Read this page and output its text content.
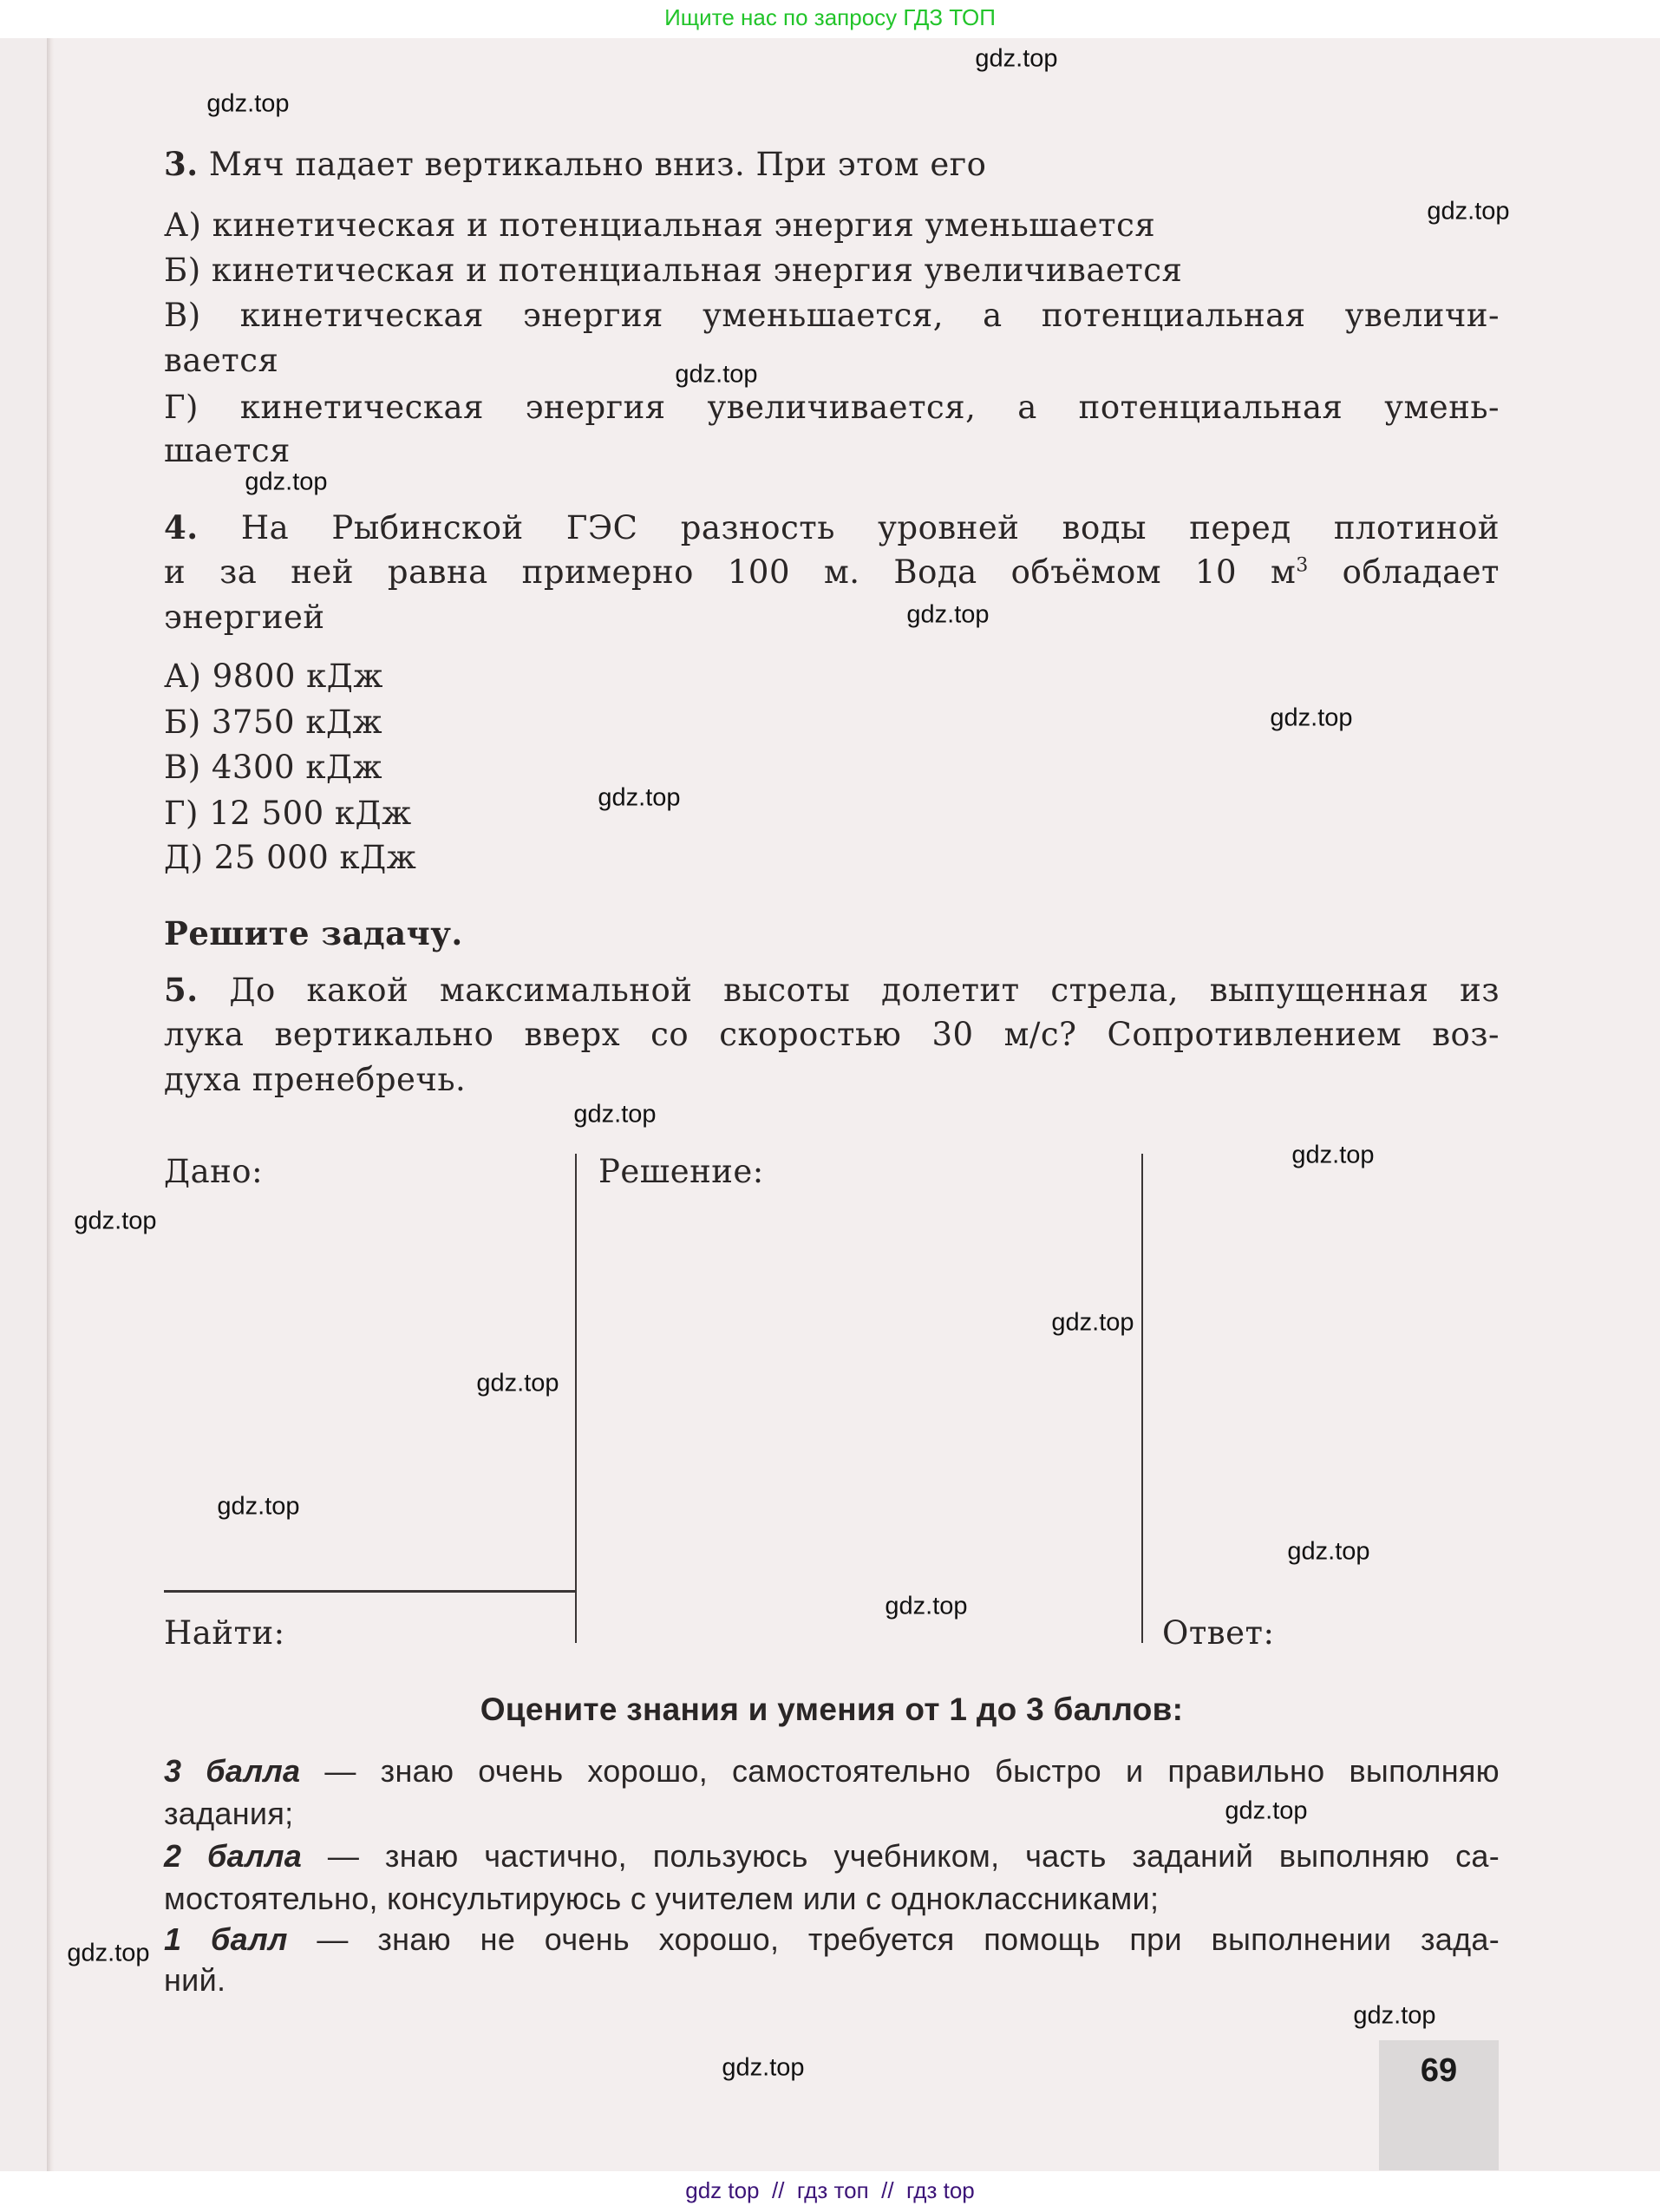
Ищите нас по запросу ГДЗ ТОП
3. Мяч падает вертикально вниз. При этом его
А) кинетическая и потенциальная энергия уменьшается
Б) кинетическая и потенциальная энергия увеличивается
В) кинетическая энергия уменьшается, а потенциальная увеличи-
вается
Г) кинетическая энергия увеличивается, а потенциальная умень-
шается
4. На Рыбинской ГЭС разность уровней воды перед плотиной
и за ней равна примерно 100 м. Вода объёмом 10 $м^3$ обладает
энергией
А) 9800 кДж
Б) 3750 кДж
В) 4300 кДж
Г) 12 500 кДж
Д) 25 000 кДж
Решите задачу.
5. До какой максимальной высоты долетит стрела, выпущенная из
лука вертикально вверх со скоростью 30 м/с? Сопротивлением воз-
духа пренебречь.
Дано:	Решение:
Найти:	Ответ:
Оцените знания и умения от 1 до 3 баллов:
3 балла — знаю очень хорошо, самостоятельно быстро и правильно выполняю
задания;
2 балла — знаю частично, пользуюсь учебником, часть заданий выполняю са-
мостоятельно, консультируюсь с учителем или с одноклассниками;
1 балл — знаю не очень хорошо, требуется помощь при выполнении зада-
ний.
69
gdz.top
gdz.top
gdz.top
gdz.top
gdz.top
gdz.top
gdz.top
gdz.top
gdz.top
gdz.top
gdz.top
gdz.top
gdz.top
gdz.top
gdz.top
gdz.top
gdz.top
gdz.top
gdz.top
gdz.top
gdz top  //  гдз топ  //  гдз top
